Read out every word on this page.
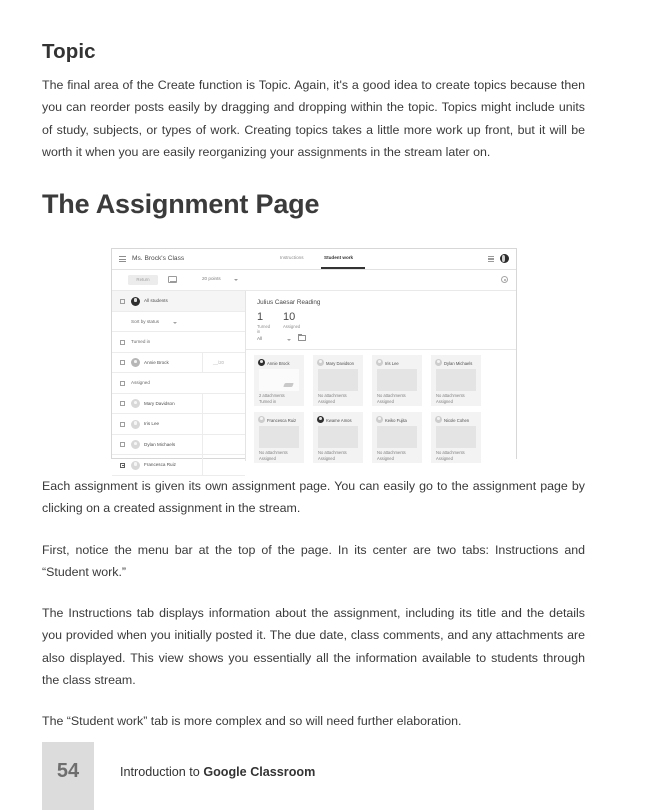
Topic

The final area of the Create function is Topic. Again, it's a good idea to create topics because then you can reorder posts easily by dragging and dropping within the topic. Topics might include units of study, subjects, or types of work. Creating topics takes a little more work up front, but it will be worth it when you are easily reorganizing your assignments in the stream later on.

The Assignment Page
Ms. Brock's Class	Instructions	Student work
Return	20 points
All students
Sort by status
Turned in
Annie Brock	__/20
Assigned
Mary Davidson
Iris Lee
Dylan Michaels
Francesca Ruiz
Julius Caesar Reading
1
Turned in
10
Assigned
All
Annie Brock
2 attachments
Turned in
Mary Davidson
No attachments
Assigned
Iris Lee
No attachments
Assigned
Dylan Michaels
No attachments
Assigned
Francesca Ruiz
No attachments
Assigned
Kwame Amos
No attachments
Assigned
Keiko Fujita
No attachments
Assigned
Nicole Cohen
No attachments
Assigned

Each assignment is given its own assignment page. You can easily go to the assignment page by clicking on a created assignment in the stream.

First, notice the menu bar at the top of the page. In its center are two tabs: Instructions and “Student work.”

The Instructions tab displays information about the assignment, including its title and the details you provided when you initially posted it. The due date, class comments, and any attachments are also displayed. This view shows you essentially all the information available to students through the class stream.

The “Student work” tab is more complex and so will need further elaboration.

54	Introduction to Google Classroom
